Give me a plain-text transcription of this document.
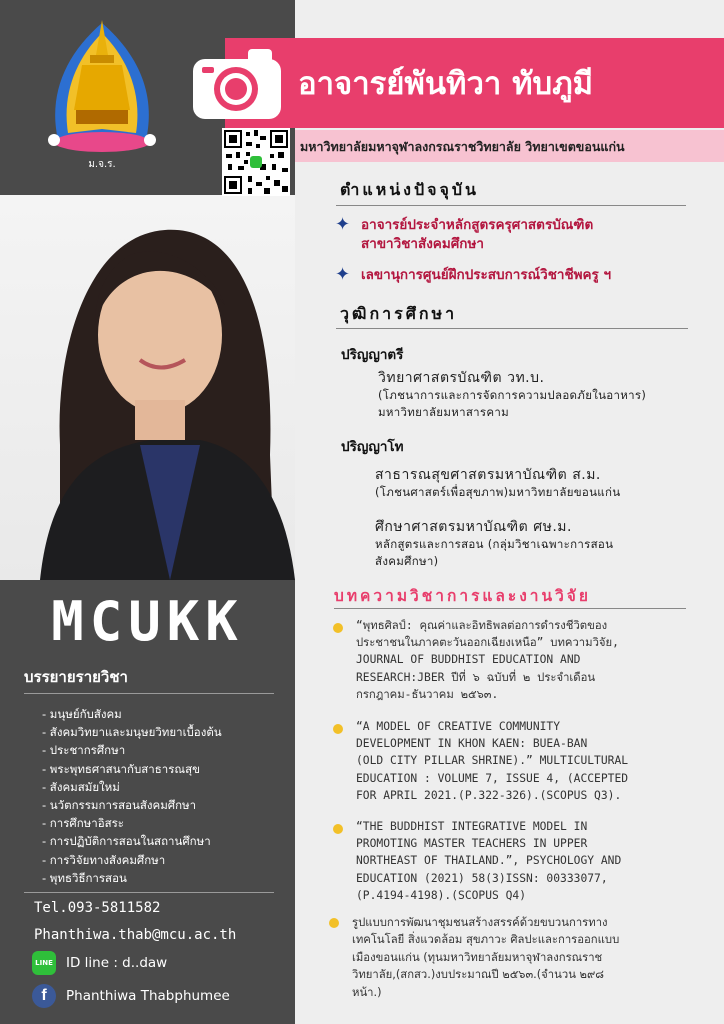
ม.จ.ร.
MCUKK
บรรยายรายวิชา
- มนุษย์กับสังคม
- สังคมวิทยาและมนุษยวิทยาเบื้องต้น
- ประชากรศึกษา
- พระพุทธศาสนากับสาธารณสุข
- สังคมสมัยใหม่
- นวัตกรรมการสอนสังคมศึกษา
- การศึกษาอิสระ
- การปฏิบัติการสอนในสถานศึกษา
- การวิจัยทางสังคมศึกษา
- พุทธวิธีการสอน
Tel.093-5811582
Phanthiwa.thab@mcu.ac.th
LINE ID line : d..daw
f	Phanthiwa Thabphumee
อาจารย์พันทิวา ทับภูมี
มหาวิทยาลัยมหาจุฬาลงกรณราชวิทยาลัย วิทยาเขตขอนแก่น
ตำแหน่งปัจจุบัน
✦ อาจารย์ประจำหลักสูตรครุศาสตรบัณฑิต
สาขาวิชาสังคมศึกษา
✦ เลขานุการศูนย์ฝึกประสบการณ์วิชาชีพครู ฯ
วุฒิการศึกษา
ปริญญาตรี
วิทยาศาสตรบัณฑิต วท.บ.
(โภชนาการและการจัดการความปลอดภัยในอาหาร)
มหาวิทยาลัยมหาสารคาม
ปริญญาโท
สาธารณสุขศาสตรมหาบัณฑิต ส.ม.
(โภชนศาสตร์เพื่อสุขภาพ)มหาวิทยาลัยขอนแก่น
ศึกษาศาสตรมหาบัณฑิต ศษ.ม.
หลักสูตรและการสอน (กลุ่มวิชาเฉพาะการสอน
สังคมศึกษา)
บทความวิชาการและงานวิจัย
“พุทธศิลป์: คุณค่าและอิทธิพลต่อการดำรงชีวิตของ
ประชาชนในภาคตะวันออกเฉียงเหนือ” บทความวิจัย,
JOURNAL OF BUDDHIST EDUCATION AND
RESEARCH:JBER ปีที่ ๖ ฉบับที่ ๒ ประจำเดือน
กรกฎาคม-ธันวาคม ๒๕๖๓.
“A MODEL OF CREATIVE COMMUNITY
DEVELOPMENT IN KHON KAEN: BUEA-BAN
(OLD CITY PILLAR SHRINE).” MULTICULTURAL
EDUCATION : VOLUME 7, ISSUE 4, (ACCEPTED
FOR APRIL 2021.(P.322-326).(SCOPUS Q3).
“THE BUDDHIST INTEGRATIVE MODEL IN
PROMOTING MASTER TEACHERS IN UPPER
NORTHEAST OF THAILAND.”, PSYCHOLOGY AND
EDUCATION (2021) 58(3)ISSN: 00333077,
(P.4194-4198).(SCOPUS Q4)
รูปแบบการพัฒนาชุมชนสร้างสรรค์ด้วยขบวนการทาง
เทคโนโลยี สิ่งแวดล้อม สุขภาวะ ศิลปะและการออกแบบ
เมืองขอนแก่น (ทุนมหาวิทยาลัยมหาจุฬาลงกรณราช
วิทยาลัย,(สกสว.)งบประมาณปี ๒๕๖๓.(จำนวน ๒๙๘
หน้า.)
